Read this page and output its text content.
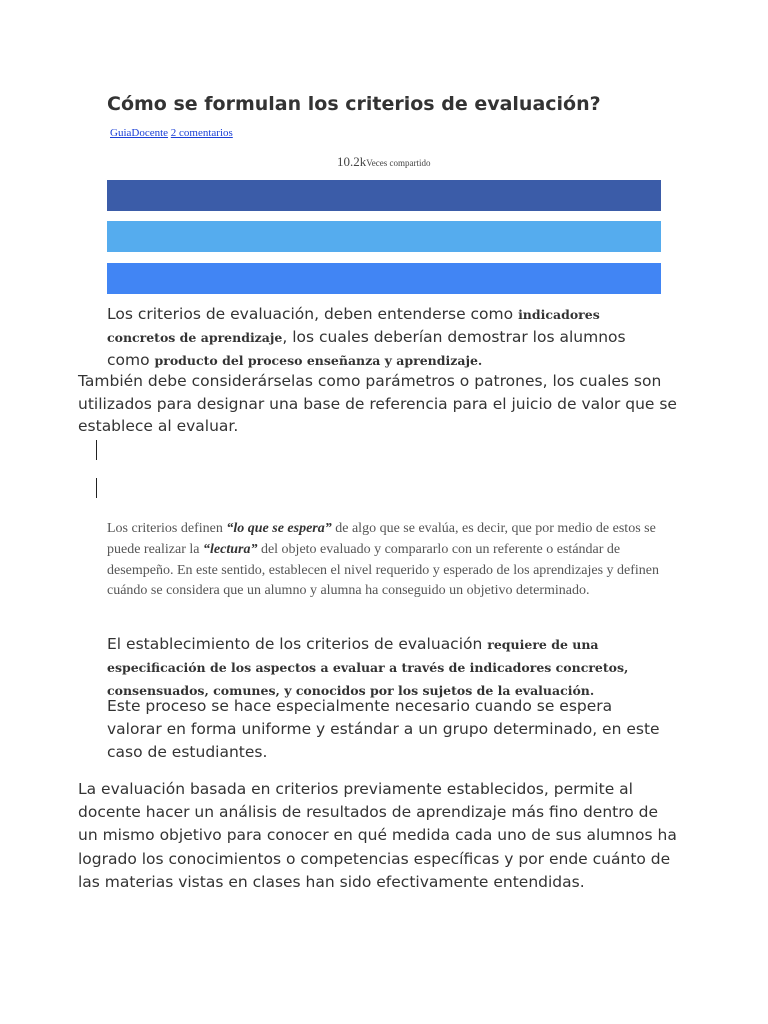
Cómo se formulan los criterios de evaluación?
GuiaDocente 2 comentarios
10.2kVeces compartido

Los criterios de evaluación, deben entenderse como indicadores concretos de aprendizaje, los cuales deberían demostrar los alumnos como producto del proceso enseñanza y aprendizaje.

También debe considerárselas como parámetros o patrones, los cuales son utilizados para designar una base de referencia para el juicio de valor que se establece al evaluar.

Los criterios definen “lo que se espera” de algo que se evalúa, es decir, que por medio de estos se puede realizar la “lectura” del objeto evaluado y compararlo con un referente o estándar de desempeño. En este sentido, establecen el nivel requerido y esperado de los aprendizajes y definen cuándo se considera que un alumno y alumna ha conseguido un objetivo determinado.

El establecimiento de los criterios de evaluación requiere de una especificación de los aspectos a evaluar a través de indicadores concretos, consensuados, comunes, y conocidos por los sujetos de la evaluación.

Este proceso se hace especialmente necesario cuando se espera valorar en forma uniforme y estándar a un grupo determinado, en este caso de estudiantes.

La evaluación basada en criterios previamente establecidos, permite al docente hacer un análisis de resultados de aprendizaje más fino dentro de un mismo objetivo para conocer en qué medida cada uno de sus alumnos ha logrado los conocimientos o competencias específicas y por ende cuánto de las materias vistas en clases han sido efectivamente entendidas.
